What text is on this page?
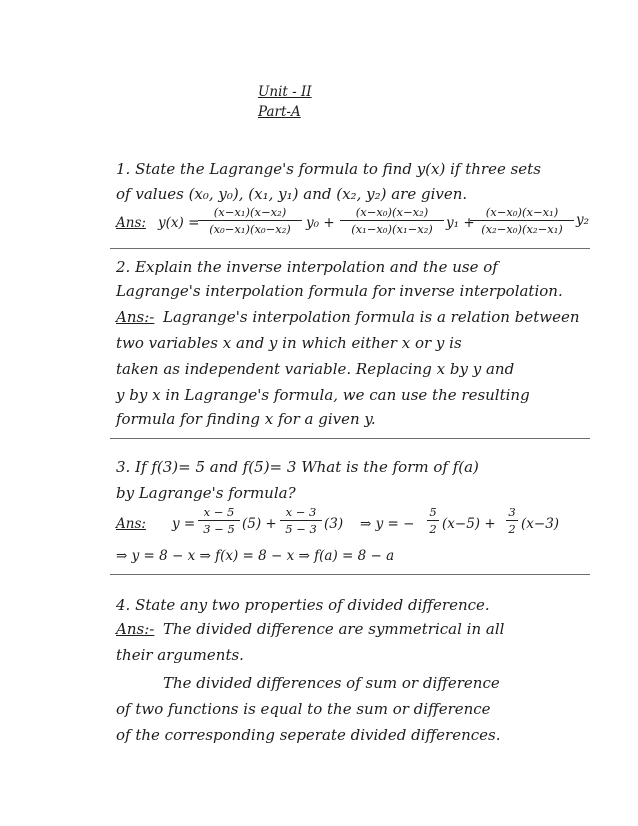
Unit - II
Part-A
1. State the Lagrange's formula to find y(x) if three sets
of values (x₀, y₀), (x₁, y₁) and (x₂, y₂) are given.
Ans: y(x) =
(x−x₁)(x−x₂)
(x₀−x₁)(x₀−x₂)	y₀ +
(x−x₀)(x−x₂)
(x₁−x₀)(x₁−x₂) y₁ +
(x−x₀)(x−x₁)
(x₂−x₀)(x₂−x₁)
y₂
2. Explain the inverse interpolation and the use of
Lagrange's interpolation formula for inverse interpolation.
Ans:- Lagrange's interpolation formula is a relation between
two variables x and y in which either x or y is
taken as independent variable. Replacing x by y and
y by x in Lagrange's formula, we can use the resulting
formula for finding x for a given y.
3. If f(3)= 5 and f(5)= 3 What is the form of f(a)
by Lagrange's formula?
Ans: y =
x − 5
3 − 5 (5) +
x − 3
5 − 3 (3) ⇒ y = −
5
2 (x−5) +
3
2 (x−3)
⇒ y = 8 − x ⇒ f(x) = 8 − x ⇒ f(a) = 8 − a
4. State any two properties of divided difference.
Ans:- The divided difference are symmetrical in all
their arguments.
The divided differences of sum or difference
of two functions is equal to the sum or difference
of the corresponding seperate divided differences.
